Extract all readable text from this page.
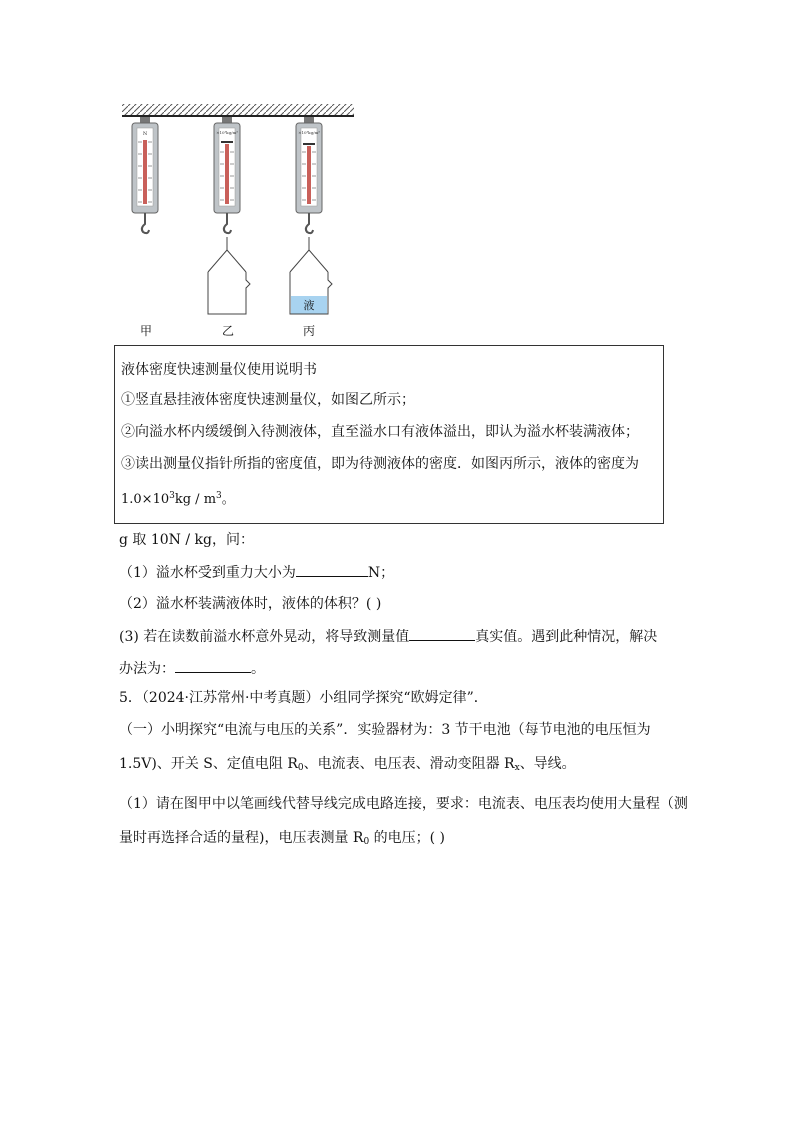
N	×10³kg/m³	×10³kg/m³
液
甲	乙	丙
液体密度快速测量仪使用说明书
①竖直悬挂液体密度快速测量仪，如图乙所示；
②向溢水杯内缓缓倒入待测液体，直至溢水口有液体溢出，即认为溢水杯装满液体；
③读出测量仪指针所指的密度值，即为待测液体的密度．如图丙所示，液体的密度为
$1.0\times 10^3kg / m^3$。
g 取 10N / kg，问：
（1）溢水杯受到重力大小为	N；
（2）溢水杯装满液体时，液体的体积？( )
(3) 若在读数前溢水杯意外晃动，将导致测量值	真实值。遇到此种情况，解决
办法为：	。
5．（2024·江苏常州·中考真题）小组同学探究“欧姆定律”．
（一）小明探究“电流与电压的关系”．实验器材为：3 节干电池（每节电池的电压恒为
1.5V)、开关 S、定值电阻 $R_0$、电流表、电压表、滑动变阻器 $R_x$、导线。
（1）请在图甲中以笔画线代替导线完成电路连接，要求：电流表、电压表均使用大量程（测
量时再选择合适的量程)，电压表测量 $R_0$ 的电压；( )
